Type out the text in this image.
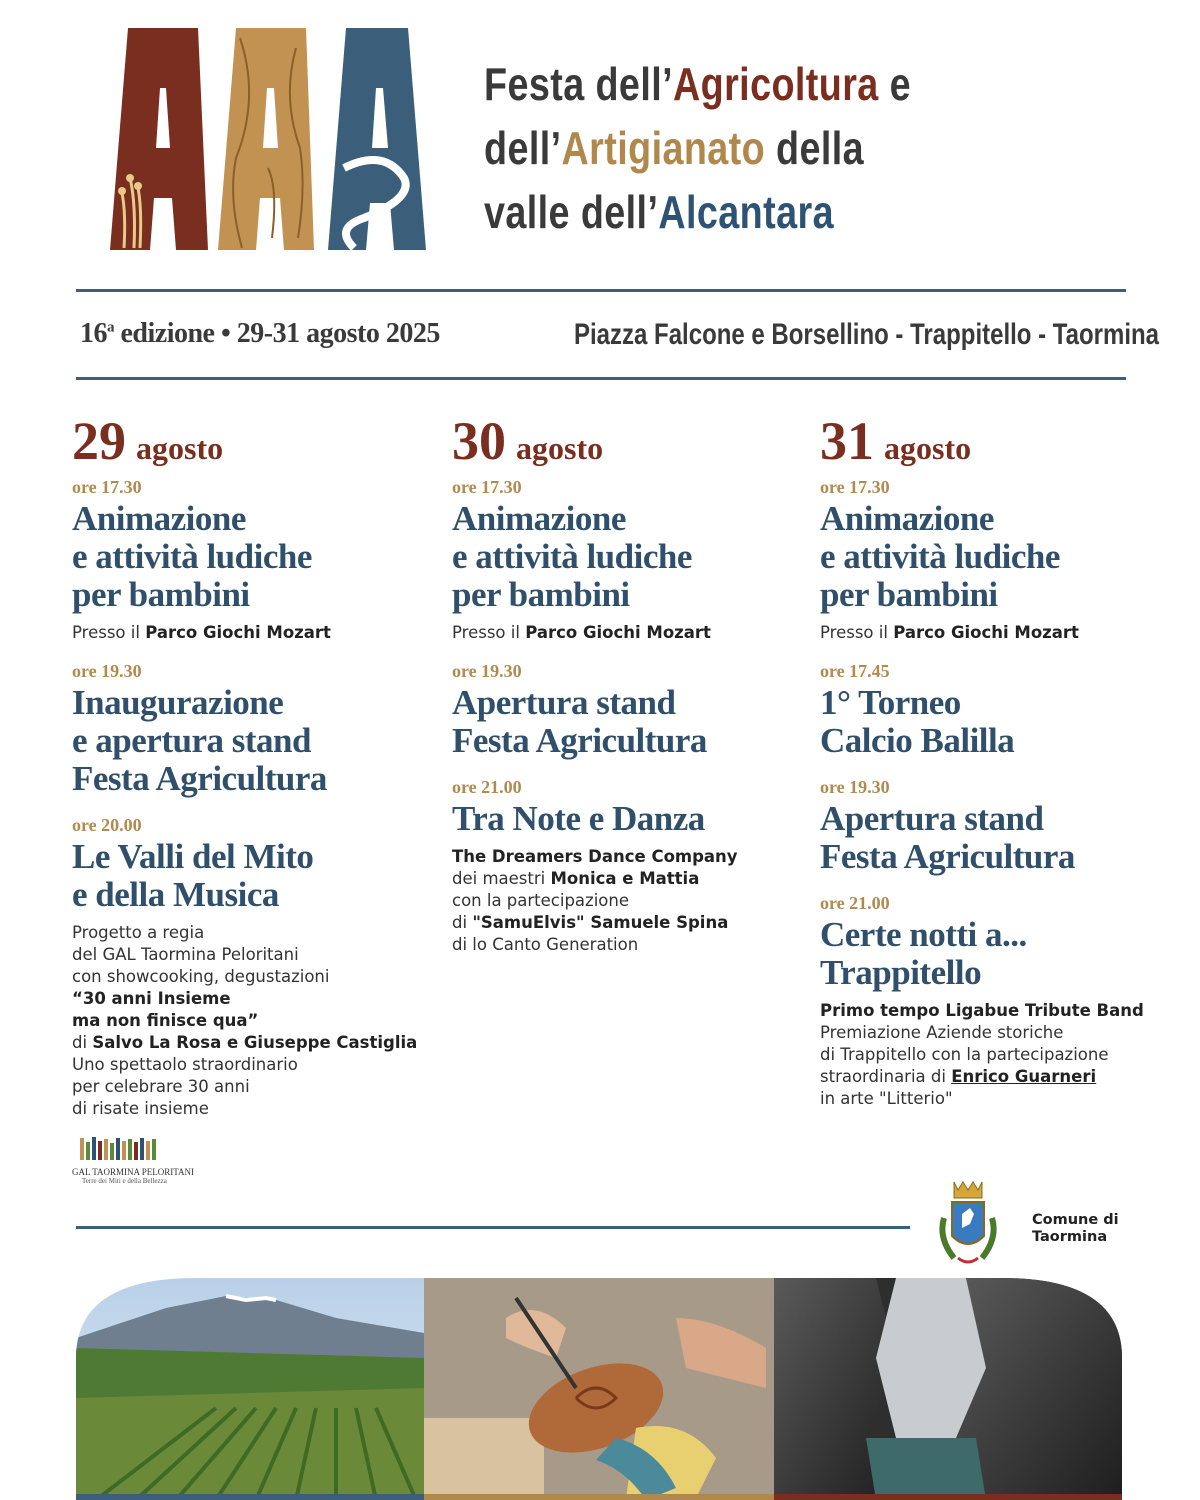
Festa dell’Agricoltura e
dell’Artigianato della
valle dell’Alcantara
16$^a$ edizione • 29-31 agosto 2025	Piazza Falcone e Borsellino - Trappitello - Taormina
29 agosto
ore 17.30
Animazione
e attività ludiche
per bambini
Presso il Parco Giochi Mozart
ore 19.30
Inaugurazione
e apertura stand
Festa Agricultura
ore 20.00
Le Valli del Mito
e della Musica
Progetto a regia
del GAL Taormina Peloritani
con showcooking, degustazioni
“30 anni Insieme
ma non finisce qua”
di Salvo La Rosa e Giuseppe Castiglia
Uno spettaolo straordinario
per celebrare 30 anni
di risate insieme
30 agosto
ore 17.30
Animazione
e attività ludiche
per bambini
Presso il Parco Giochi Mozart
ore 19.30
Apertura stand
Festa Agricultura
ore 21.00
Tra Note e Danza
The Dreamers Dance Company
dei maestri Monica e Mattia
con la partecipazione
di "SamuElvis" Samuele Spina
di lo Canto Generation
31 agosto
ore 17.30
Animazione
e attività ludiche
per bambini
Presso il Parco Giochi Mozart
ore 17.45
1° Torneo
Calcio Balilla
ore 19.30
Apertura stand
Festa Agricultura
ore 21.00
Certe notti a...
Trappitello
Primo tempo Ligabue Tribute Band
Premiazione Aziende storiche
di Trappitello con la partecipazione
straordinaria di Enrico Guarneri
in arte "Litterio"
GAL TAORMINA PELORITANI
Terre dei Miti e della Bellezza
Comune di
Taormina
